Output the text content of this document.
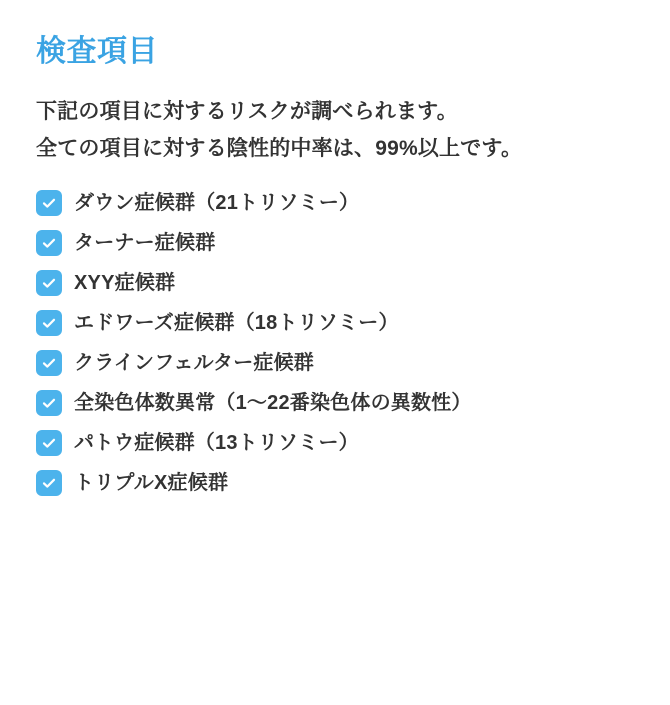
検査項目

下記の項目に対するリスクが調べられます。

全ての項目に対する陰性的中率は、99%以上です。

ダウン症候群（21トリソミー）
ターナー症候群
XYY症候群
エドワーズ症候群（18トリソミー）
クラインフェルター症候群
全染色体数異常（1〜22番染色体の異数性）
パトウ症候群（13トリソミー）
トリプルX症候群
